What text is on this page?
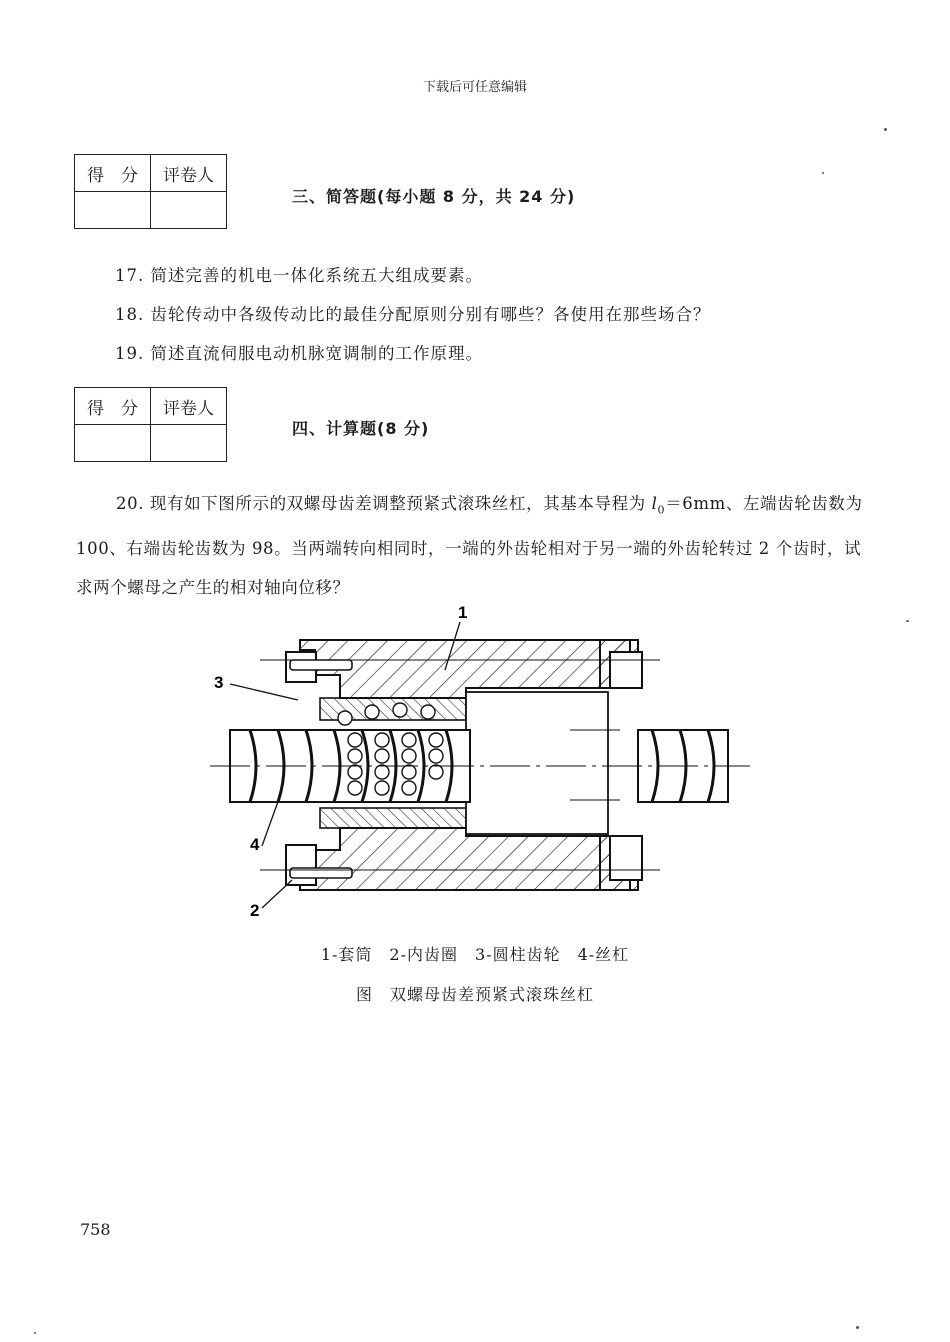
下载后可任意编辑
得　分	评卷人

三、简答题(每小题 8 分，共 24 分)
17. 简述完善的机电一体化系统五大组成要素。
18. 齿轮传动中各级传动比的最佳分配原则分别有哪些？各使用在那些场合？
19. 简述直流伺服电动机脉宽调制的工作原理。
得　分	评卷人

四、计算题(8 分)
20. 现有如下图所示的双螺母齿差调整预紧式滚珠丝杠，其基本导程为 $l_0=6mm$、左端齿轮齿数为 100、右端齿轮齿数为 98。当两端转向相同时，一端的外齿轮相对于另一端的外齿轮转过 2 个齿时，试求两个螺母之产生的相对轴向位移？
1
3
4
2
1-套筒　2-内齿圈　3-圆柱齿轮　4-丝杠
图　双螺母齿差预紧式滚珠丝杠
758
